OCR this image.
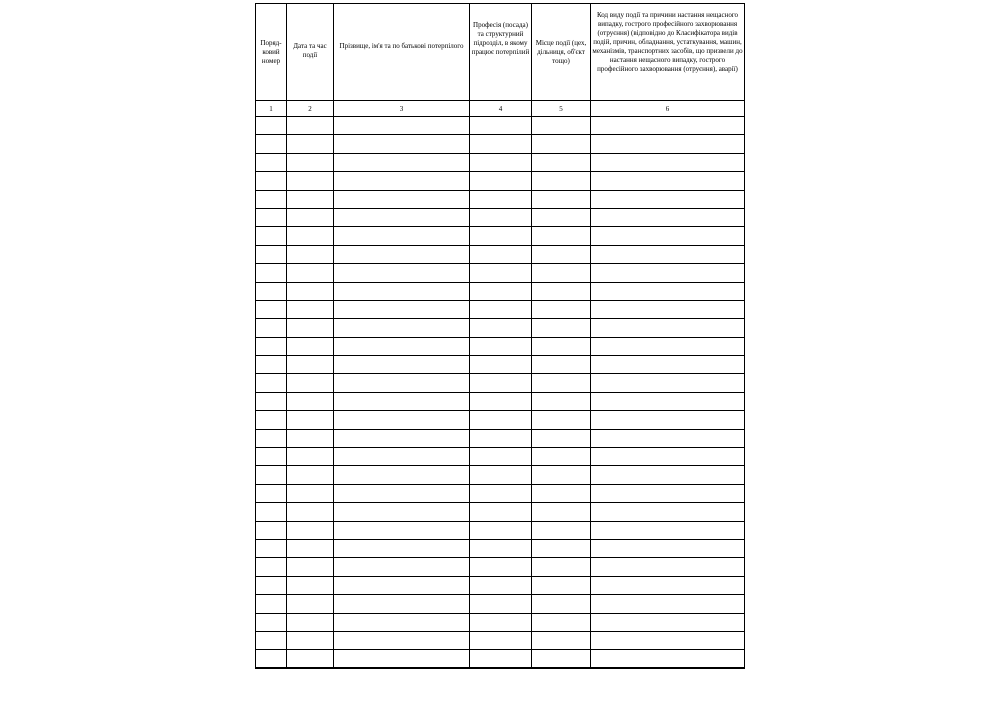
Поряд-ковий номер	Дата та час події	Прізвище, ім'я та по батькові потерпілого	Професія (посада) та структурний підрозділ, в якому працює потерпілий	Місце події (цех, дільниця, об'єкт тощо)	Код виду події та причини настання нещасного випадку, гострого професійного захворювання (отруєння) (відповідно до Класифікатора видів подій, причин, обладнання, устаткування, машин, механізмів, транспортних засобів, що призвели до настання нещасного випадку, гострого професійного захворювання (отруєння), аварії)

1	2	3	4	5	6
